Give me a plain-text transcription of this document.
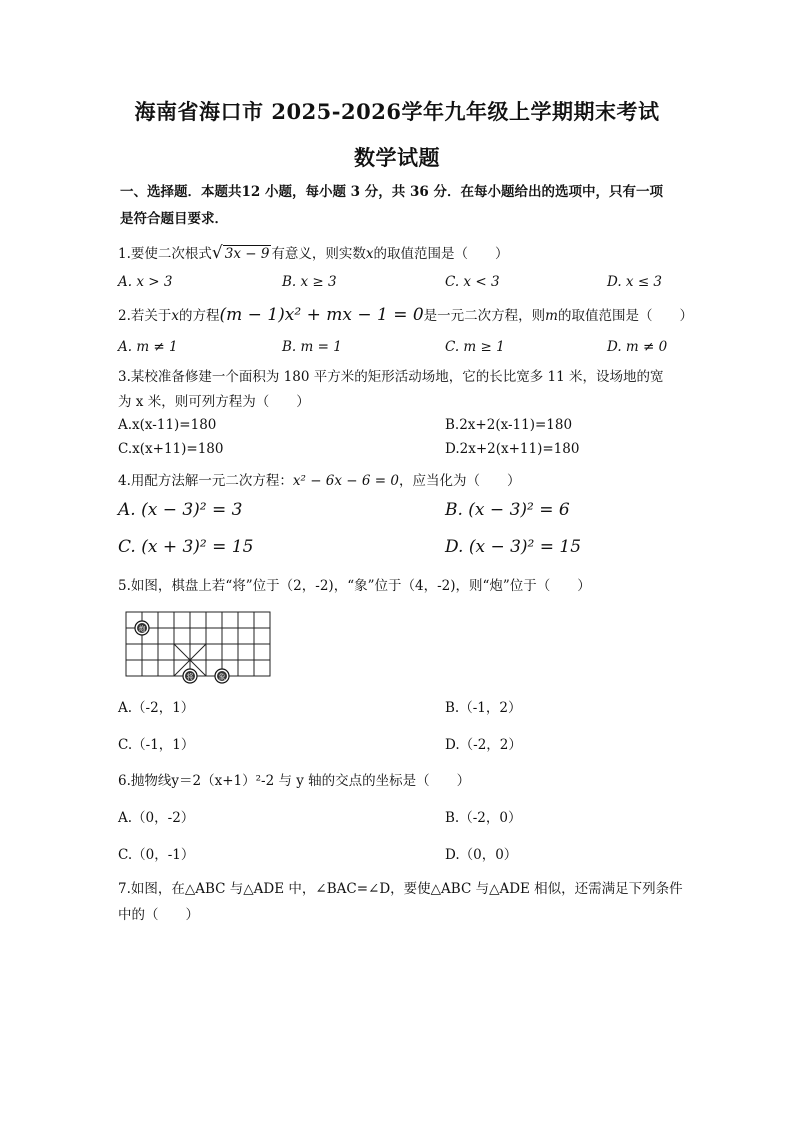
海南省海口市 2025-2026学年九年级上学期期末考试
数学试题
一、选择题．本题共12 小题，每小题 3 分，共 36 分．在每小题给出的选项中，只有一项
是符合题目要求．
1.要使二次根式√ 3x − 9 有意义，则实数x的取值范围是（　　）
A. x > 3	B. x ≥ 3	C. x < 3	D. x ≤ 3
2.若关于x的方程(m − 1)x² + mx − 1 = 0是一元二次方程，则m的取值范围是（　　）
A. m ≠ 1	B. m = 1	C. m ≥ 1	D. m ≠ 0
3.某校准备修建一个面积为 180 平方米的矩形活动场地，它的长比宽多 11 米，设场地的宽
为 x 米，则可列方程为（　　）
A.x(x-11)=180	B.2x+2(x-11)=180
C.x(x+11)=180	D.2x+2(x+11)=180
4.用配方法解一元二次方程：x² − 6x − 6 = 0，应当化为（　　）
A. (x − 3)² = 3	B. (x − 3)² = 6
C. (x + 3)² = 15	D. (x − 3)² = 15
5.如图，棋盘上若“将”位于（2，-2)，“象”位于（4，-2)，则“炮”位于（　　）
炮
将	象
A.（-2，1）	B.（-1，2）
C.（-1，1）	D.（-2，2）
6.抛物线y＝2（x+1）²-2 与 y 轴的交点的坐标是（　　）
A.（0，-2）	B.（-2，0）
C.（0，-1）	D.（0，0）
7.如图，在△ABC 与△ADE 中，∠BAC=∠D，要使△ABC 与△ADE 相似，还需满足下列条件
中的（　　）
